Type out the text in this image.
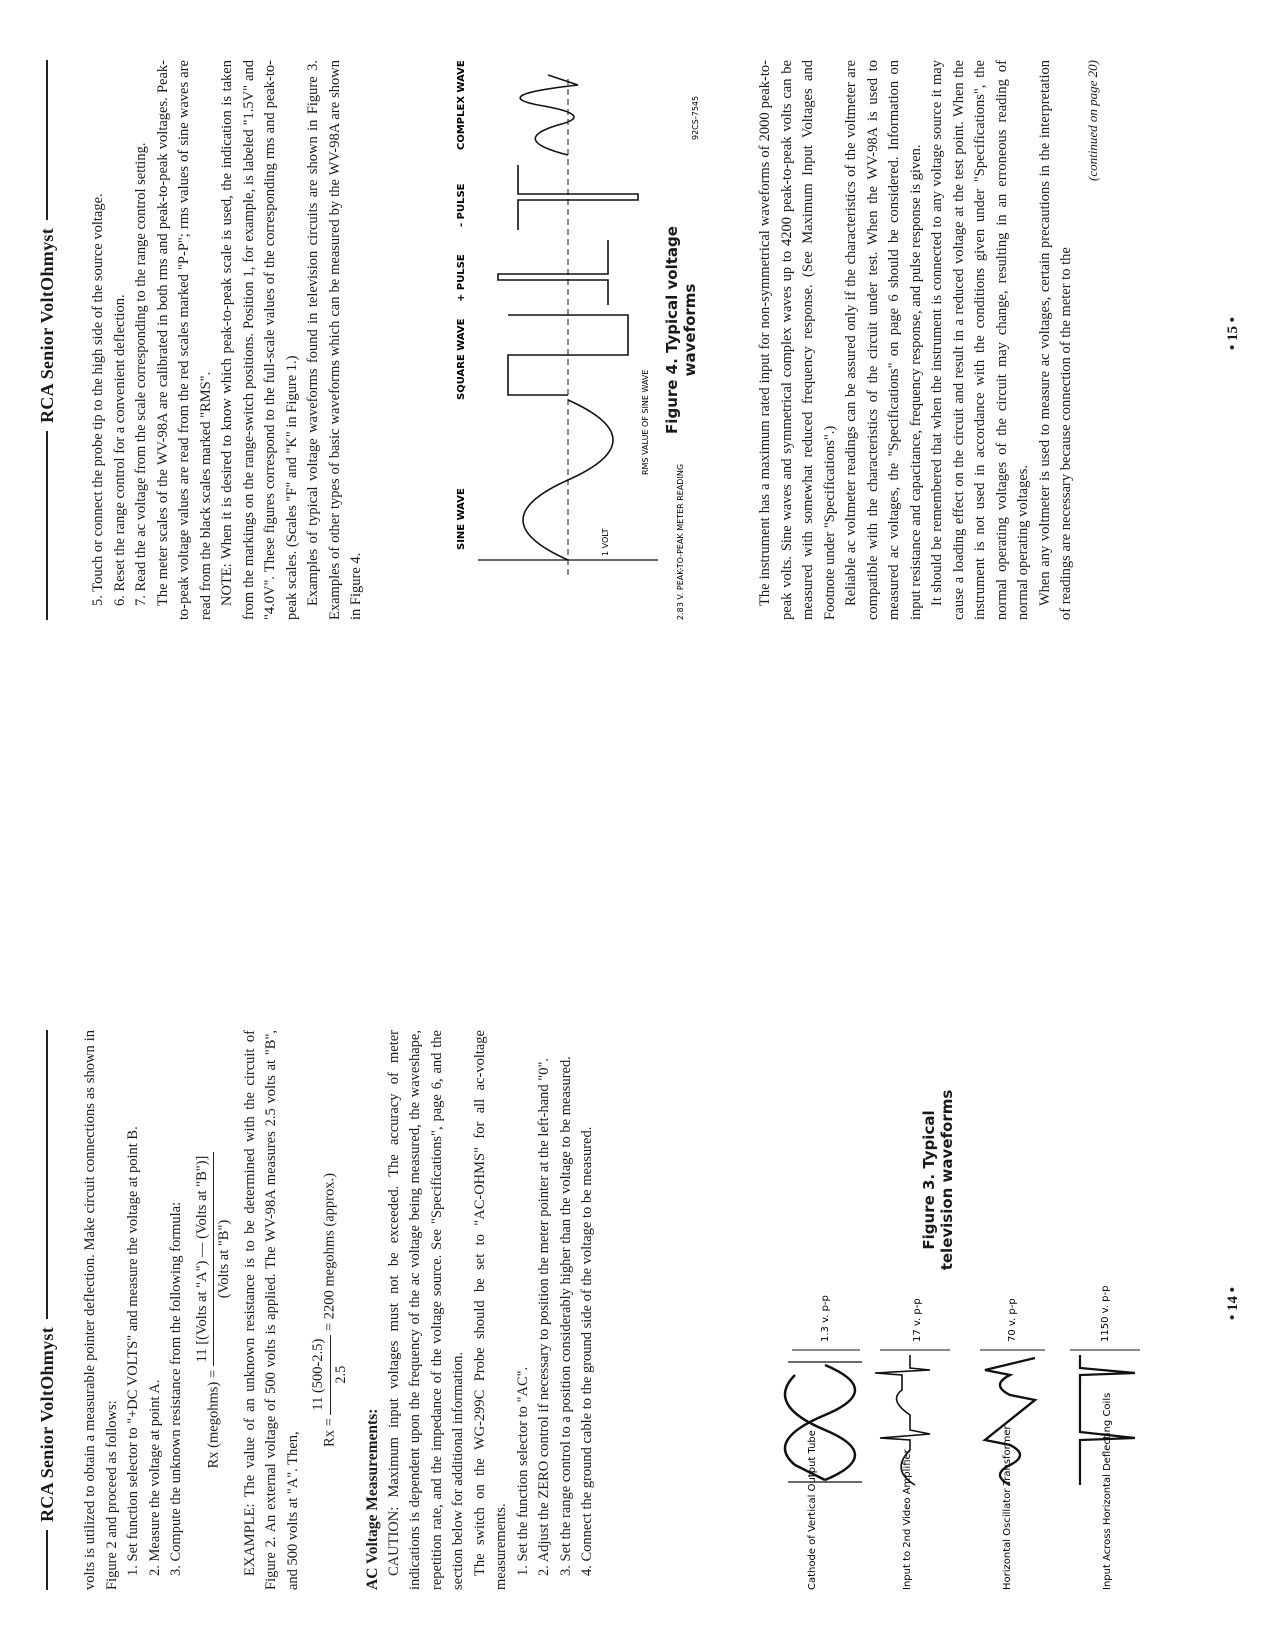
RCA Senior VoltOhmyst volts is utilized to obtain a measurable pointer deflection. Make circuit connections as shown in Figure 2 and proceed as follows: 1. Set function selector to "+DC VOLTS" and measure the voltage at point B. 2. Measure the voltage at point A. 3. Compute the unknown resistance from the following formula:	Rx (megohms) =
11 [(Volts at "A") — (Volts at "B")] (Volts at "B") EXAMPLE: The value of an unknown resistance is to be determined with the circuit of Figure 2. An external voltage of 500 volts is applied. The WV-98A measures 2.5 volts at "B", and 500 volts at "A". Then,	Rx =
11 (500-2.5) 2.5
= 2200 megohms (approx.)

AC Voltage Measurements: CAUTION: Maximum input voltages must not be exceeded. The accuracy of meter indications is dependent upon the frequency of the ac voltage being measured, the waveshape, repetition rate, and the impedance of the voltage source. See "Specifications", page 6, and the section below for additional information. The switch on the WG-299C Probe should be set to "AC-OHMS" for all ac-voltage measurements. 1. Set the function selector to "AC". 2. Adjust the ZERO control if necessary to position the meter pointer at the left-hand "0". 3. Set the range control to a position considerably higher than the voltage to be measured. 4. Connect the ground cable to the ground side of the voltage to be measured.	Cathode of Vertical Output Tube
1.3 v. p-p
Input to 2nd Video Amplifier
17 v. p-p
Horizontal Oscillator Transformer
70 v. p-p
Input Across Horizontal Deflecting Coils
1150 v. p-p
Figure 3. Typical television waveforms
• 14 •
RCA Senior VoltOhmyst 5. Touch or connect the probe tip to the high side of the source voltage. 6. Reset the range control for a convenient deflection. 7. Read the ac voltage from the scale corresponding to the range control setting. The meter scales of the WV-98A are calibrated in both rms and peak-to-peak voltages. Peak-to-peak voltage values are read from the red scales marked "P-P"; rms values of sine waves are read from the black scales marked "RMS". NOTE: When it is desired to know which peak-to-peak scale is used, the indication is taken from the markings on the range-switch positions. Position 1, for example, is labeled "1.5V" and "4.0V". These figures correspond to the full-scale values of the corresponding rms and peak-to-peak scales. (Scales "F" and "K" in Figure 1.) Examples of typical voltage waveforms found in television circuits are shown in Figure 3. Examples of other types of basic waveforms which can be measured by the WV-98A are shown in Figure 4.

SINE WAVE
SQUARE WAVE
+ PULSE
- PULSE
COMPLEX WAVE
RMS VALUE OF SINE WAVE
1 VOLT	2.83 V. PEAK-TO-PEAK METER READING
92CS-7545
Figure 4. Typical voltage waveforms	The instrument has a maximum rated input for non-symmetrical waveforms of 2000 peak-to-peak volts. Sine waves and symmetrical complex waves up to 4200 peak-to-peak volts can be measured with somewhat reduced frequency response. (See Maximum Input Voltages and Footnote under "Specifications".) Reliable ac voltmeter readings can be assured only if the characteristics of the voltmeter are compatible with the characteristics of the circuit under test. When the WV-98A is used to measured ac voltages, the "Specifications" on page 6 should be considered. Information on input resistance and capacitance, frequency response, and pulse response is given. It should be remembered that when the instrument is connected to any voltage source it may cause a loading effect on the circuit and result in a reduced voltage at the test point. When the instrument is not used in accordance with the conditions given under "Specifications", the normal operating voltages of the circuit may change, resulting in an erroneous reading of normal operating voltages. When any voltmeter is used to measure ac voltages, certain precautions in the interpretation of readings are necessary because connection of the meter to the

(continued on page 20)

• 15 •
